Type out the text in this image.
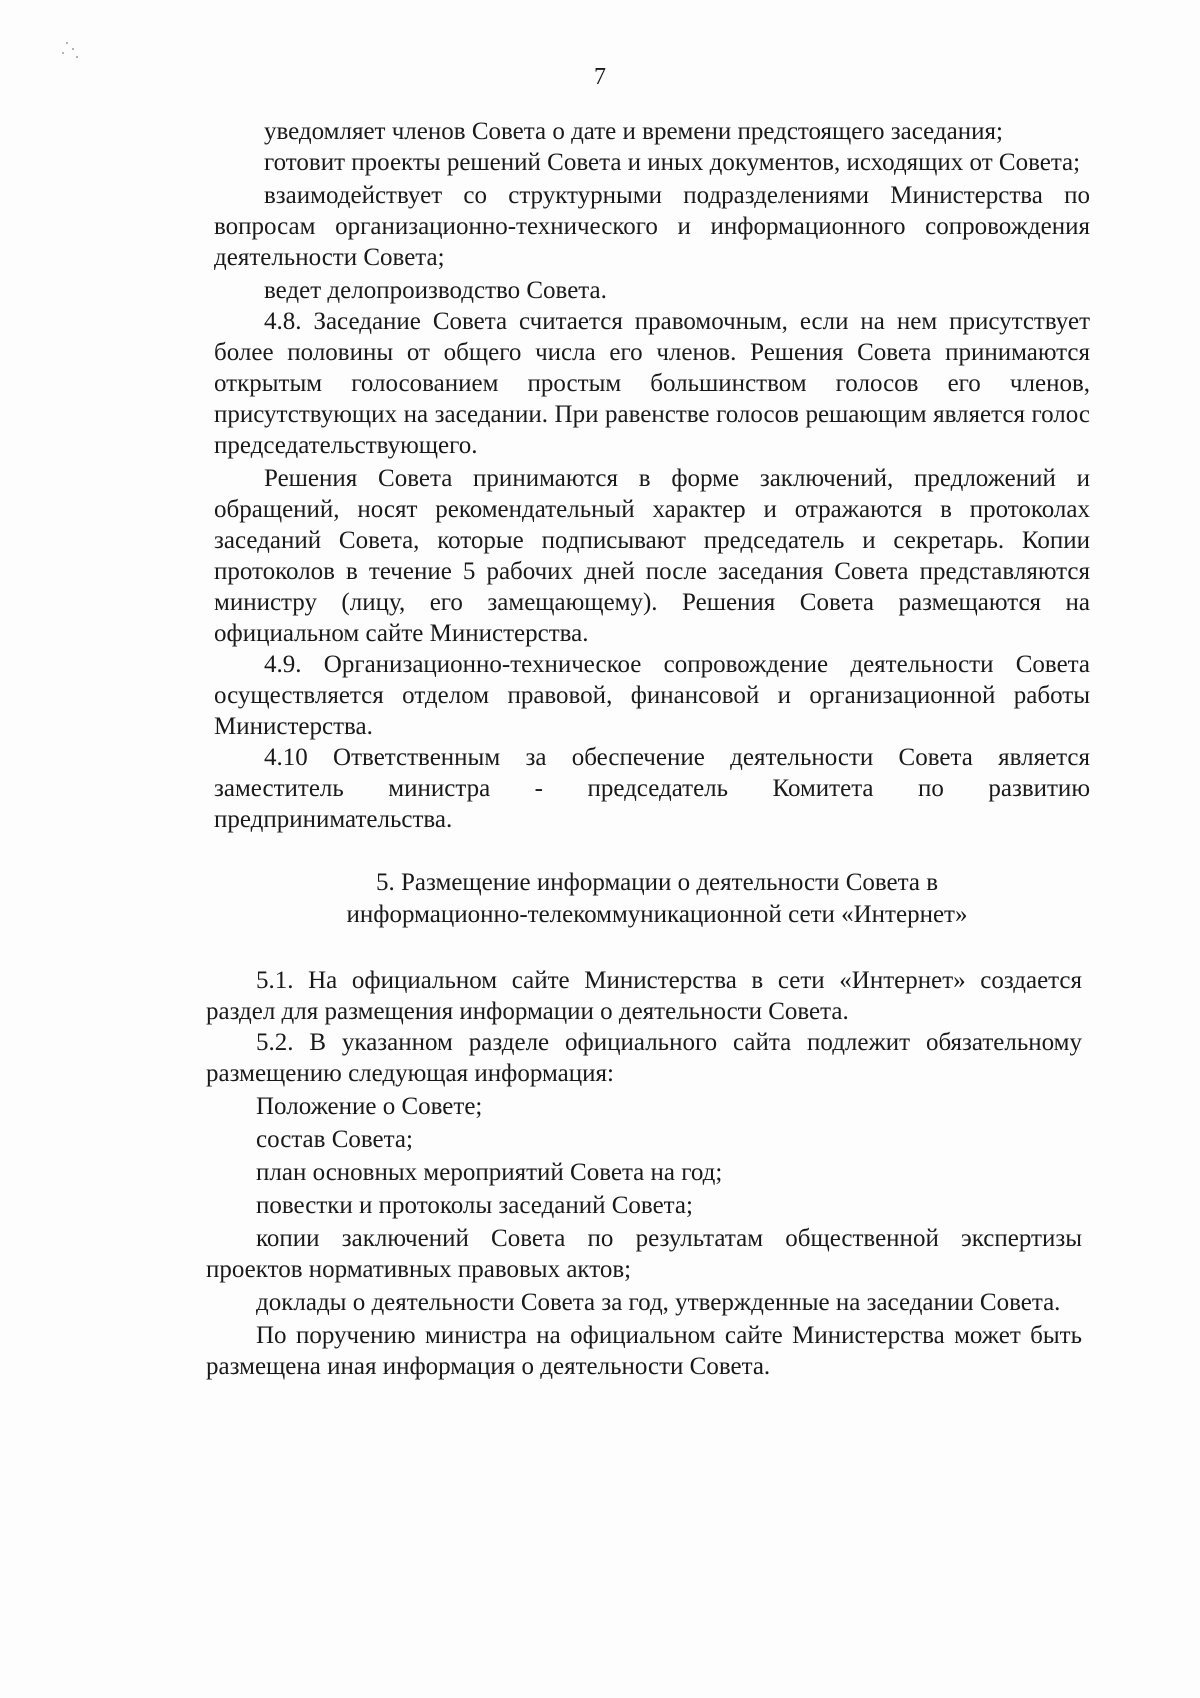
7

уведомляет членов Совета о дате и времени предстоящего заседания;

готовит проекты решений Совета и иных документов, исходящих от Совета;

взаимодействует со структурными подразделениями Министерства по вопросам организационно-технического и информационного сопровождения деятельности Совета;

ведет делопроизводство Совета.

4.8. Заседание Совета считается правомочным, если на нем присутствует более половины от общего числа его членов. Решения Совета принимаются открытым голосованием простым большинством голосов его членов, присутствующих на заседании. При равенстве голосов решающим является голос председательствующего.

Решения Совета принимаются в форме заключений, предложений и обращений, носят рекомендательный характер и отражаются в протоколах заседаний Совета, которые подписывают председатель и секретарь. Копии протоколов в течение 5 рабочих дней после заседания Совета представляются министру (лицу, его замещающему). Решения Совета размещаются на официальном сайте Министерства.

4.9. Организационно-техническое сопровождение деятельности Совета осуществляется отделом правовой, финансовой и организационной работы Министерства.

4.10 Ответственным за обеспечение деятельности Совета является заместитель министра - председатель Комитета по развитию предпринимательства.

5. Размещение информации о деятельности Совета в
информационно-телекоммуникационной сети «Интернет»

5.1. На официальном сайте Министерства в сети «Интернет» создается раздел для размещения информации о деятельности Совета.

5.2. В указанном разделе официального сайта подлежит обязательному размещению следующая информация:

Положение о Совете;

состав Совета;

план основных мероприятий Совета на год;

повестки и протоколы заседаний Совета;

копии заключений Совета по результатам общественной экспертизы проектов нормативных правовых актов;

доклады о деятельности Совета за год, утвержденные на заседании Совета.

По поручению министра на официальном сайте Министерства может быть размещена иная информация о деятельности Совета.
